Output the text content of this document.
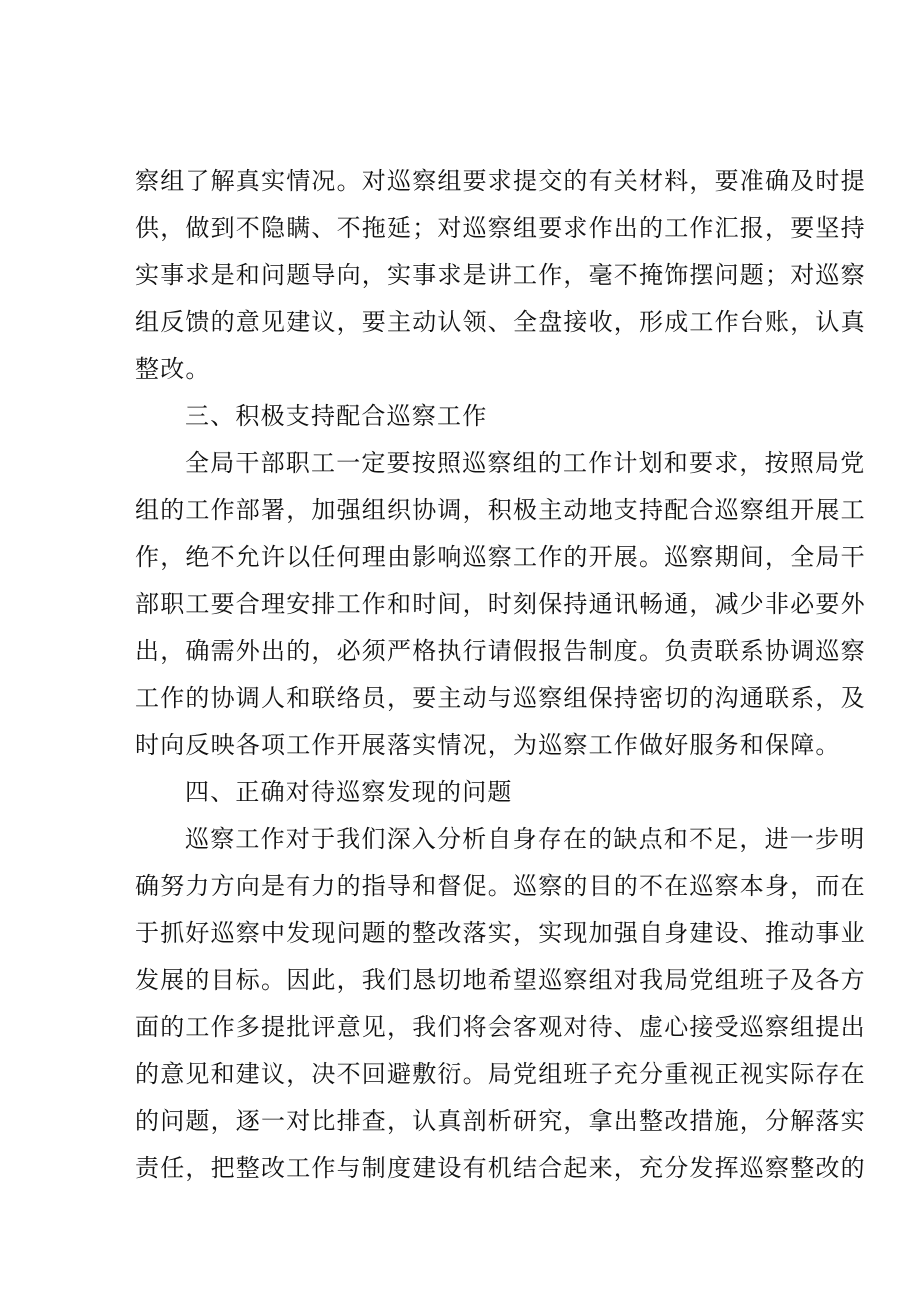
察组了解真实情况。对巡察组要求提交的有关材料，要准确及时提
供，做到不隐瞒、不拖延；对巡察组要求作出的工作汇报，要坚持
实事求是和问题导向，实事求是讲工作，毫不掩饰摆问题；对巡察
组反馈的意见建议，要主动认领、全盘接收，形成工作台账，认真
整改。
三、积极支持配合巡察工作
全局干部职工一定要按照巡察组的工作计划和要求，按照局党
组的工作部署，加强组织协调，积极主动地支持配合巡察组开展工
作，绝不允许以任何理由影响巡察工作的开展。巡察期间，全局干
部职工要合理安排工作和时间，时刻保持通讯畅通，减少非必要外
出，确需外出的，必须严格执行请假报告制度。负责联系协调巡察
工作的协调人和联络员，要主动与巡察组保持密切的沟通联系，及
时向反映各项工作开展落实情况，为巡察工作做好服务和保障。
四、正确对待巡察发现的问题
巡察工作对于我们深入分析自身存在的缺点和不足，进一步明
确努力方向是有力的指导和督促。巡察的目的不在巡察本身，而在
于抓好巡察中发现问题的整改落实，实现加强自身建设、推动事业
发展的目标。因此，我们恳切地希望巡察组对我局党组班子及各方
面的工作多提批评意见，我们将会客观对待、虚心接受巡察组提出
的意见和建议，决不回避敷衍。局党组班子充分重视正视实际存在
的问题，逐一对比排查，认真剖析研究，拿出整改措施，分解落实
责任，把整改工作与制度建设有机结合起来，充分发挥巡察整改的
